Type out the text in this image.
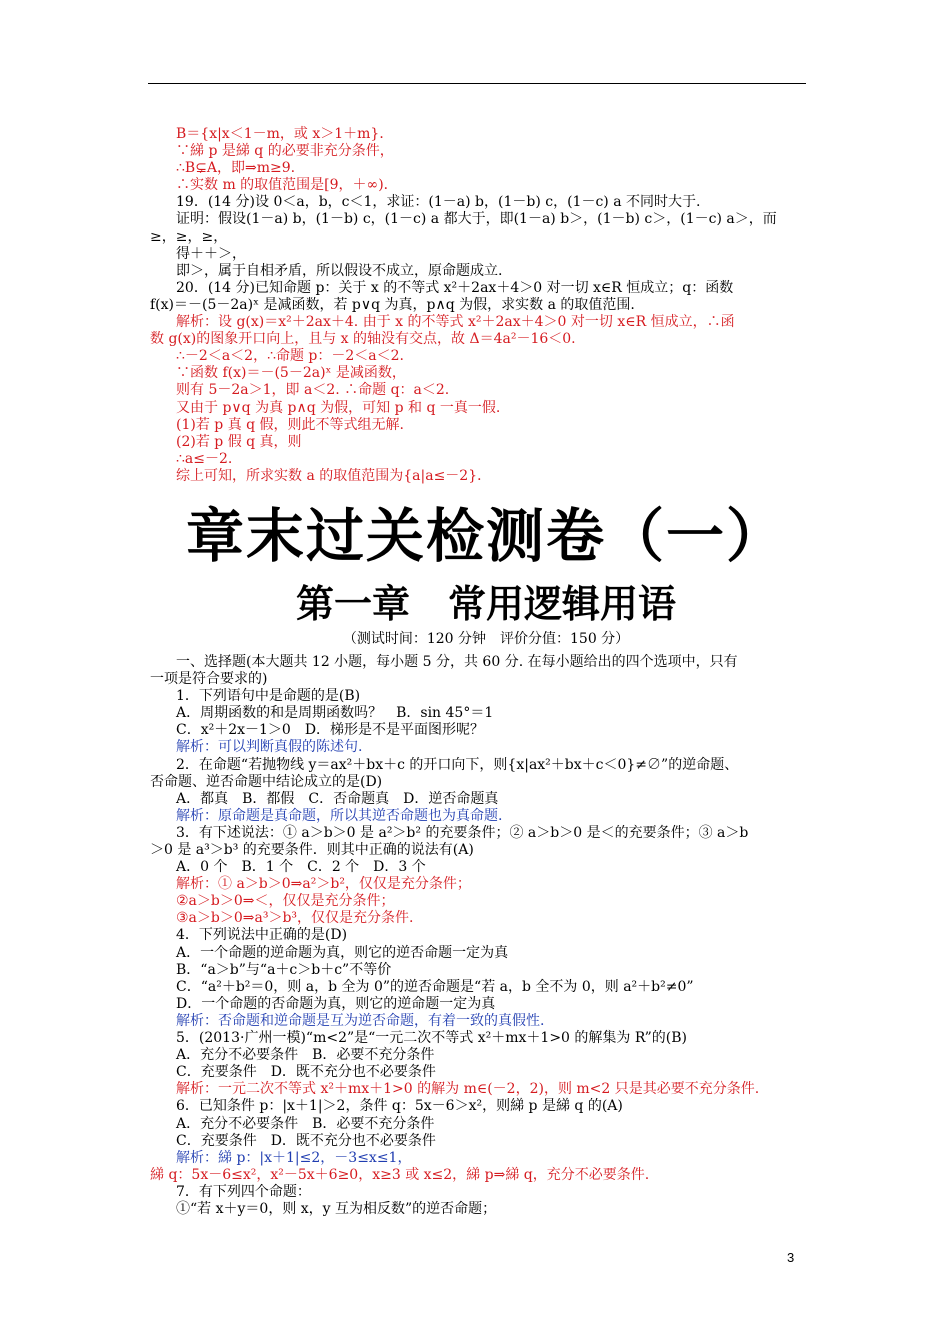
B＝{x|x＜1－m，或 x＞1＋m}．
∵綈 p 是綈 q 的必要非充分条件，
∴B⊊A，即⇒m≥9.
∴实数 m 的取值范围是[9，＋∞)．
19．(14 分)设 0＜a，b，c＜1，求证：(1－a) b，(1－b) c，(1－c) a 不同时大于.
证明：假设(1－a) b，(1－b) c，(1－c) a 都大于，即(1－a) b＞，(1－b) c＞，(1－c) a＞，而
≥，≥，≥，
得＋＋＞，
即＞，属于自相矛盾，所以假设不成立，原命题成立.
20．(14 分)已知命题 p：关于 x 的不等式 x²＋2ax＋4＞0 对一切 x∈R 恒成立；q：函数
f(x)＝－(5－2a)ˣ 是减函数，若 p∨q 为真，p∧q 为假，求实数 a 的取值范围.
解析：设 g(x)＝x²＋2ax＋4. 由于 x 的不等式 x²＋2ax＋4＞0 对一切 x∈R 恒成立，∴函
数 g(x)的图象开口向上，且与 x 的轴没有交点，故 Δ＝4a²－16＜0.
∴－2＜a＜2，∴命题 p：－2＜a＜2.
∵函数 f(x)＝－(5－2a)ˣ 是减函数，
则有 5－2a＞1，即 a＜2. ∴命题 q：a＜2.
又由于 p∨q 为真 p∧q 为假，可知 p 和 q 一真一假.
(1)若 p 真 q 假，则此不等式组无解.
(2)若 p 假 q 真，则
∴a≤－2.
综上可知，所求实数 a 的取值范围为{a|a≤－2}．
章末过关检测卷（一）
第一章　常用逻辑用语
（测试时间：120 分钟　评价分值：150 分）
一、选择题(本大题共 12 小题，每小题 5 分，共 60 分. 在每小题给出的四个选项中，只有
一项是符合要求的)
1．下列语句中是命题的是(B)
A．周期函数的和是周期函数吗？　B．sin 45°＝1
C．x²＋2x－1＞0　D．梯形是不是平面图形呢？
解析：可以判断真假的陈述句.
2．在命题“若抛物线 y＝ax²＋bx＋c 的开口向下，则{x|ax²＋bx＋c＜0}≠∅”的逆命题、
否命题、逆否命题中结论成立的是(D)
A．都真　B．都假　C．否命题真　D．逆否命题真
解析：原命题是真命题，所以其逆否命题也为真命题.
3．有下述说法：① a＞b＞0 是 a²＞b² 的充要条件；② a＞b＞0 是＜的充要条件；③ a＞b
＞0 是 a³＞b³ 的充要条件．则其中正确的说法有(A)
A．0 个　B．1 个　C．2 个　D．3 个
解析：① a＞b＞0⇒a²＞b²，仅仅是充分条件；
②a＞b＞0⇒＜，仅仅是充分条件；
③a＞b＞0⇒a³＞b³，仅仅是充分条件.
4．下列说法中正确的是(D)
A．一个命题的逆命题为真，则它的逆否命题一定为真
B．“a＞b”与“a＋c＞b＋c”不等价
C．“a²＋b²＝0，则 a，b 全为 0”的逆否命题是“若 a，b 全不为 0，则 a²＋b²≠0”
D．一个命题的否命题为真，则它的逆命题一定为真
解析：否命题和逆命题是互为逆否命题，有着一致的真假性.
5．(2013·广州一模)“m<2”是“一元二次不等式 x²＋mx＋1>0 的解集为 R”的(B)
A．充分不必要条件　B．必要不充分条件
C．充要条件　D．既不充分也不必要条件
解析：一元二次不等式 x²＋mx＋1>0 的解为 m∈(－2，2)，则 m<2 只是其必要不充分条件.
6．已知条件 p：|x＋1|＞2，条件 q：5x－6＞x²，则綈 p 是綈 q 的(A)
A．充分不必要条件　B．必要不充分条件
C．充要条件　D．既不充分也不必要条件
解析：綈 p：|x＋1|≤2，－3≤x≤1，
綈 q：5x－6≤x²，x²－5x＋6≥0，x≥3 或 x≤2，綈 p⇒綈 q，充分不必要条件.
7．有下列四个命题：
①“若 x＋y＝0，则 x，y 互为相反数”的逆否命题；
3
